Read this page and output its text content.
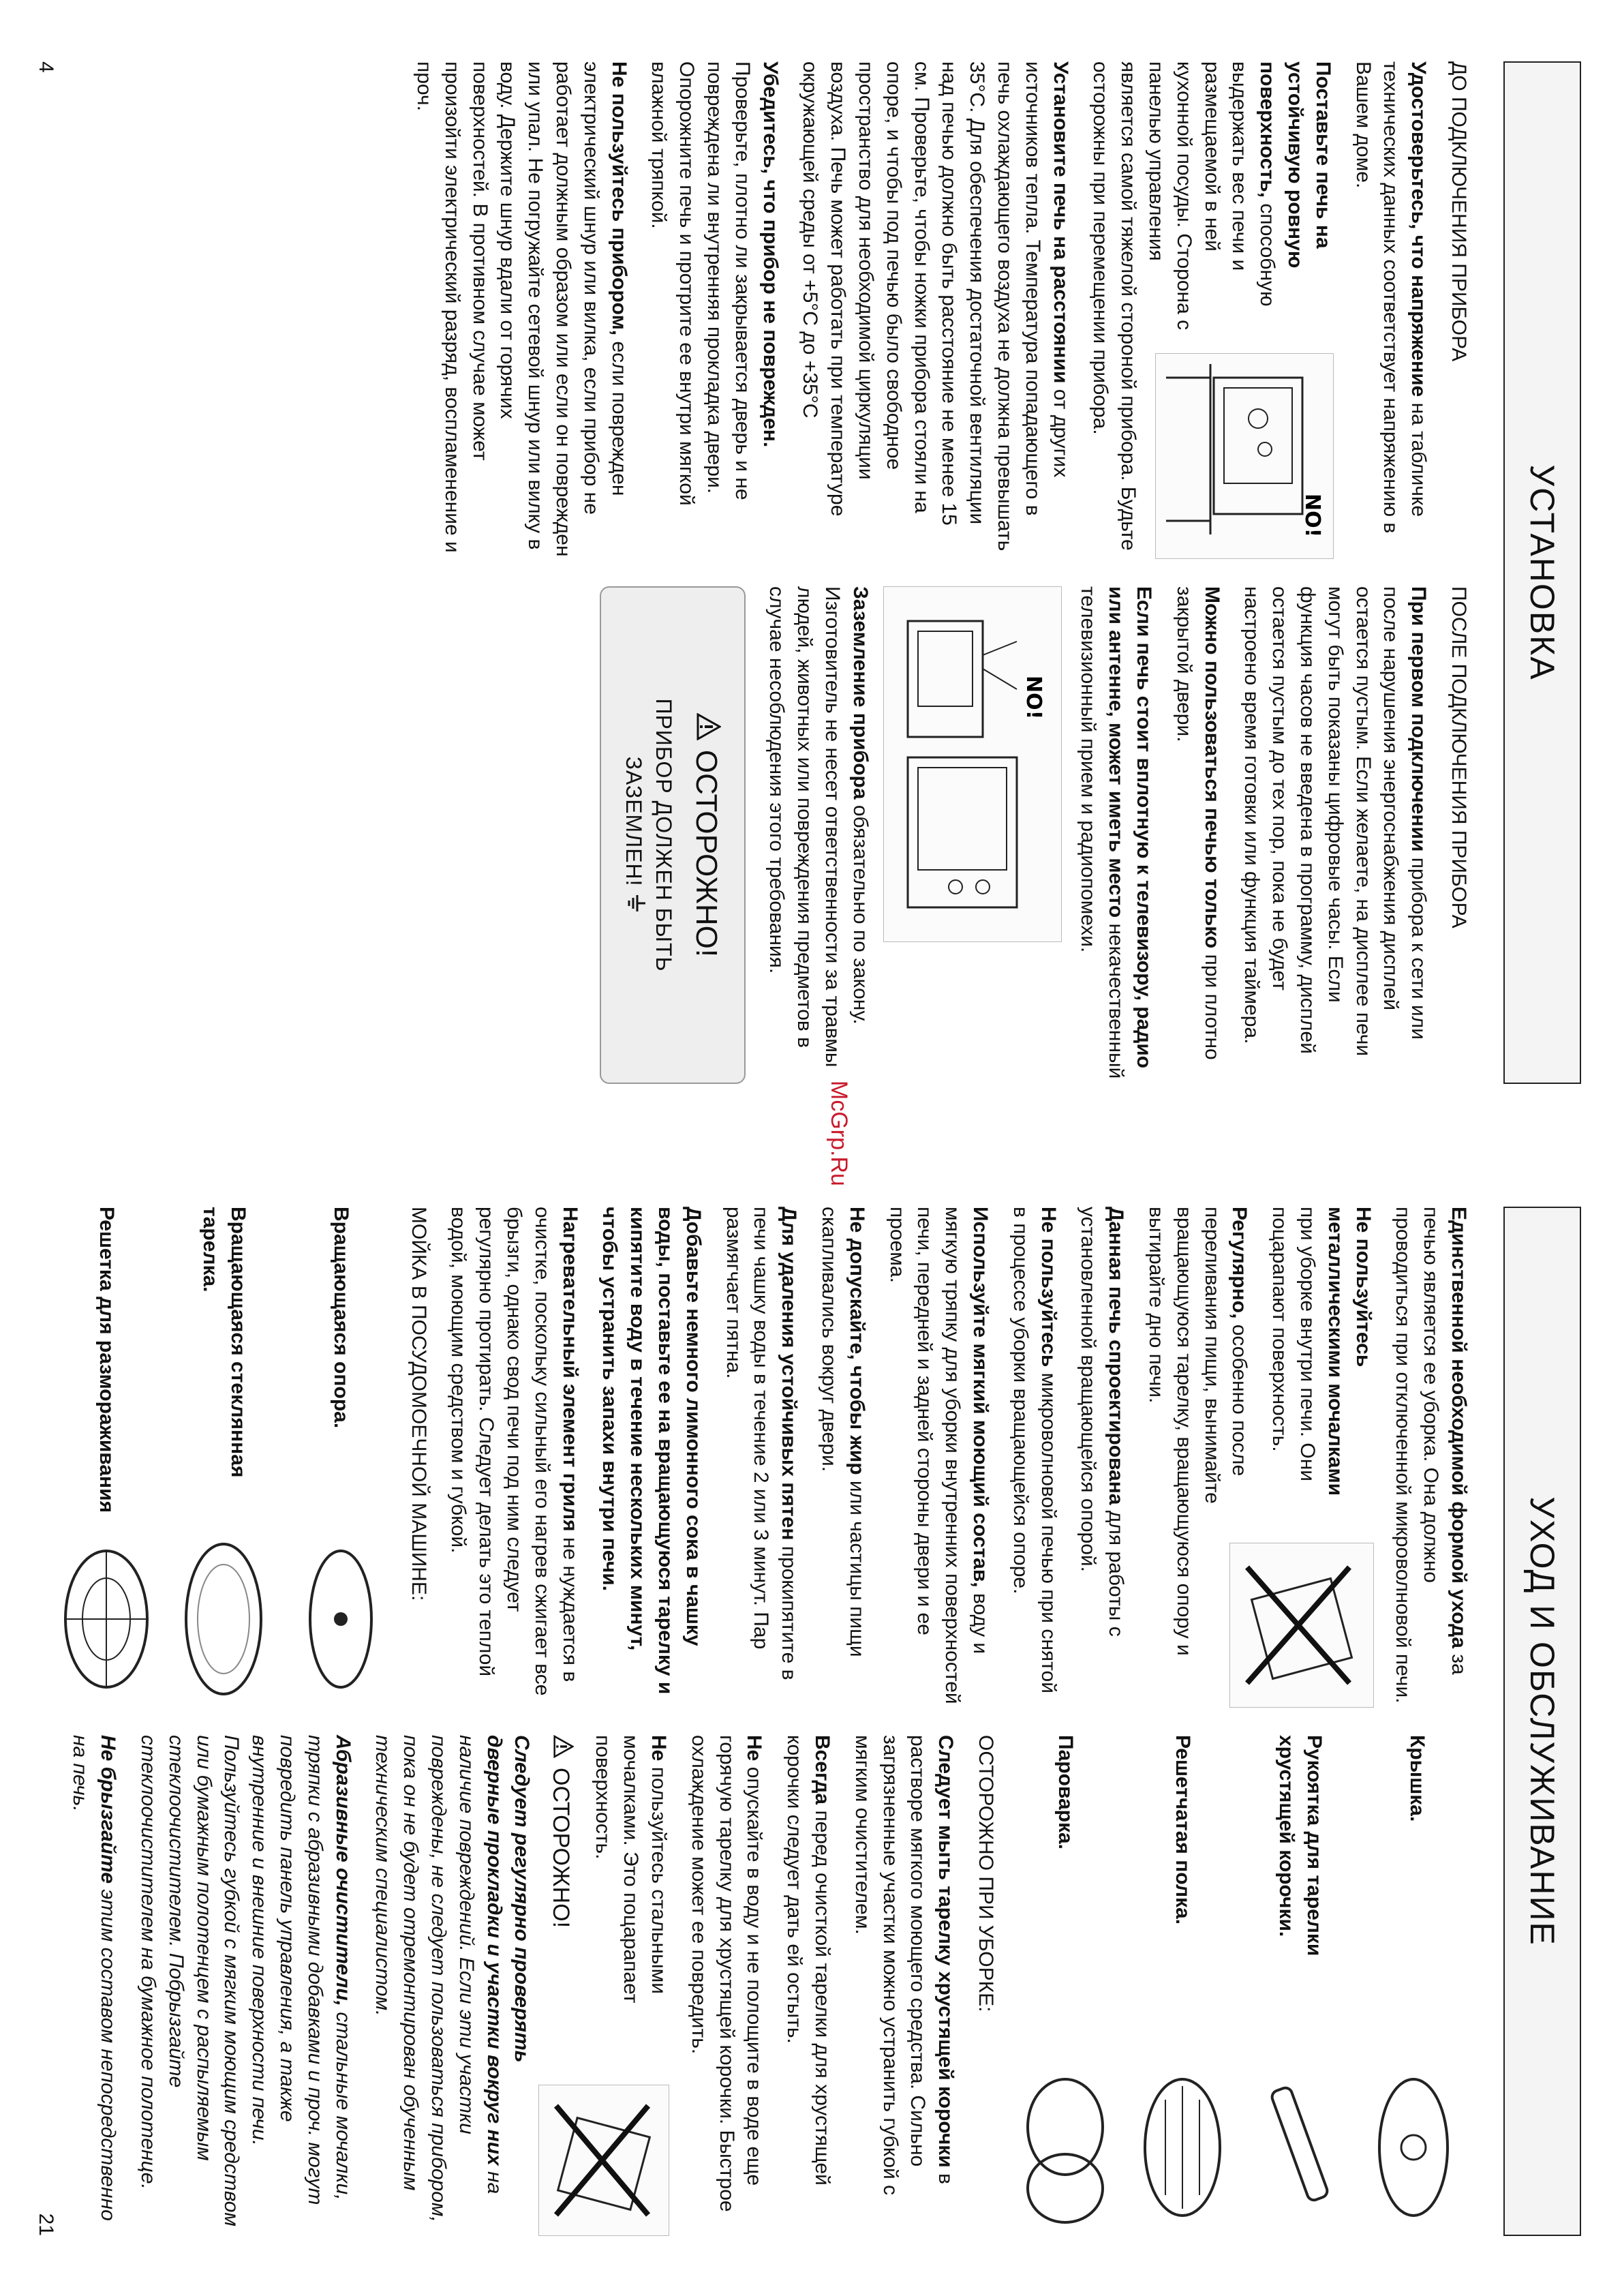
УСТАНОВКА

ДО ПОДКЛЮЧЕНИЯ ПРИБОРА

Удостоверьтесь, что напряжение на табличке технических данных соответствует напряжению в Вашем доме.

NO!

Поставьте печь на устойчивую ровную поверхность, способную выдержать вес печи и размещаемой в ней кухонной посуды. Сторона с панелью управления является самой тяжелой стороной прибора. Будьте осторожны при перемещении прибора.

Установите печь на расстоянии от других источников тепла. Температура попадающего в печь охлаждающего воздуха не должна превышать 35°С. Для обеспечения достаточной вентиляции над печью должно быть расстояние не менее 15 см. Проверьте, чтобы ножки прибора стояли на опоре, и чтобы под печью было свободное пространство для необходимой циркуляции воздуха. Печь может работать при температуре окружающей среды от +5°С до +35°С

Убедитесь, что прибор не поврежден. Проверьте, плотно ли закрывается дверь и не повреждена ли внутренняя прокладка двери. Опорожните печь и протрите ее внутри мягкой влажной тряпкой.

Не пользуйтесь прибором, если поврежден электрический шнур или вилка, если прибор не работает должным образом или если он поврежден или упал. Не погружайте сетевой шнур или вилку в воду. Держите шнур вдали от горячих поверхностей. В противном случае может произойти электрический разряд, воспламенение и проч.

ПОСЛЕ ПОДКЛЮЧЕНИЯ ПРИБОРА

При первом подключении прибора к сети или после нарушения энергоснабжения дисплей остается пустым. Если желаете, на дисплее печи могут быть показаны цифровые часы. Если функция часов не введена в программу, дисплей остается пустым до тех пор, пока не будет настроено время готовки или функция таймера.

Можно пользоваться печью только при плотно закрытой двери.

Если печь стоит вплотную к телевизору, радио или антенне, может иметь место некачественный телевизионный прием и радиопомехи.

NO!

Заземление прибора обязательно по закону. Изготовитель не несет ответственности за травмы людей, животных или повреждения предметов в случае несоблюдения этого требования.

ОСТОРОЖНО!
ПРИБОР ДОЛЖЕН БЫТЬ
ЗАЗЕМЛЕН!
4
McGrp.Ru
УХОД И ОБСЛУЖИВАНИЕ

Единственной необходимой формой ухода за печью является ее уборка. Она должно проводиться при отключенной микроволновой печи.

Не пользуйтесь металлическими мочалками при уборке внутри печи. Они поцарапают поверхность.

Регулярно, особенно после переливания пищи, вынимайте вращающуюся тарелку, вращающуюся опору и вытирайте дно печи.

Данная печь спроектирована для работы с установленной вращающейся опорой.

Не пользуйтесь микроволновой печью при снятой в процессе уборки вращающейся опоре.

Используйте мягкий моющий состав, воду и мягкую тряпку для уборки внутренних поверхностей печи, передней и задней стороны двери и ее проема.

Не допускайте, чтобы жир или частицы пищи скапливались вокруг двери.

Для удаления устойчивых пятен прокипятите в печи чашку воды в течение 2 или 3 минут. Пар размягчает пятна.

Добавьте немного лимонного сока в чашку воды, поставьте ее на вращающуюся тарелку и кипятите воду в течение нескольких минут, чтобы устранить запахи внутри печи.

Нагревательный элемент гриля не нуждается в очистке, поскольку сильный его нагрев сжигает все брызги, однако свод печи под ним следует регулярно протирать. Следует делать это теплой водой, моющим средством и губкой.

МОЙКА В ПОСУДОМОЕЧНОЙ МАШИНЕ:

Вращающаяся опора.
Вращающаяся стеклянная тарелка.
Решетка для размораживания
Крышка.
Рукоятка для тарелки хрустящей корочки.
Решетчатая полка.
Пароварка.

ОСТОРОЖНО ПРИ УБОРКЕ:

Следует мыть тарелку хрустящей корочки в растворе мягкого моющего средства. Сильно загрязненные участки можно устранить губкой с мягким очистителем.

Всегда перед очисткой тарелки для хрустящей корочки следует дать ей остыть.

Не опускайте в воду и не полощите в воде еще горячую тарелку для хрустящей корочки. Быстрое охлаждение может ее повредить.

Не пользуйтесь стальными мочалками. Это поцарапает поверхность.

ОСТОРОЖНО!

Следует регулярно проверять дверные прокладки и участки вокруг них на наличие повреждений. Если эти участки повреждены, не следует пользоваться прибором, пока он не будет отремонтирован обученным техническим специалистом.

Абразивные очистители, стальные мочалки, тряпки с абразивными добавками и проч. могут повредить панель управления, а также внутренние и внешние поверхности печи. Пользуйтесь губкой с мягким моющим средством или бумажным полотенцем с распыляемым стеклоочистителем. Побрызгайте стеклоочистителем на бумажное полотенце.

Не брызгайте этим составом непосредственно на печь.

21
